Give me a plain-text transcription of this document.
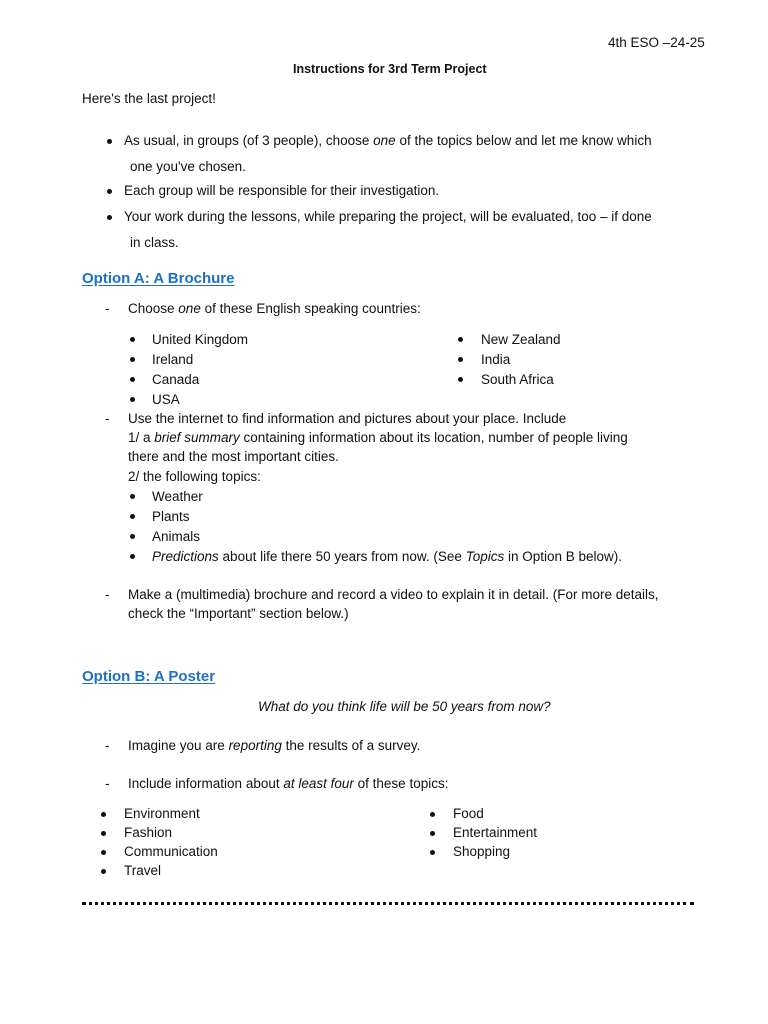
4th ESO –24-25
Instructions for 3rd Term Project
Here's the last project!
As usual, in groups (of 3 people), choose one of the topics below and let me know which
one you've chosen.
Each group will be responsible for their investigation.
Your work during the lessons, while preparing the project, will be evaluated, too – if done
in class.
Option A: A Brochure
- Choose one of these English speaking countries:
United Kingdom
Ireland
Canada
USA
New Zealand
India
South Africa
- Use the internet to find information and pictures about your place. Include
1/ a brief summary containing information about its location, number of people living
there and the most important cities.
2/ the following topics:
Weather
Plants
Animals
Predictions about life there 50 years from now. (See Topics in Option B below).
- Make a (multimedia) brochure and record a video to explain it in detail. (For more details,
check the “Important” section below.)
Option B: A Poster
What do you think life will be 50 years from now?
- Imagine you are reporting the results of a survey.
- Include information about at least four of these topics:
Environment
Fashion
Communication
Travel
Food
Entertainment
Shopping
